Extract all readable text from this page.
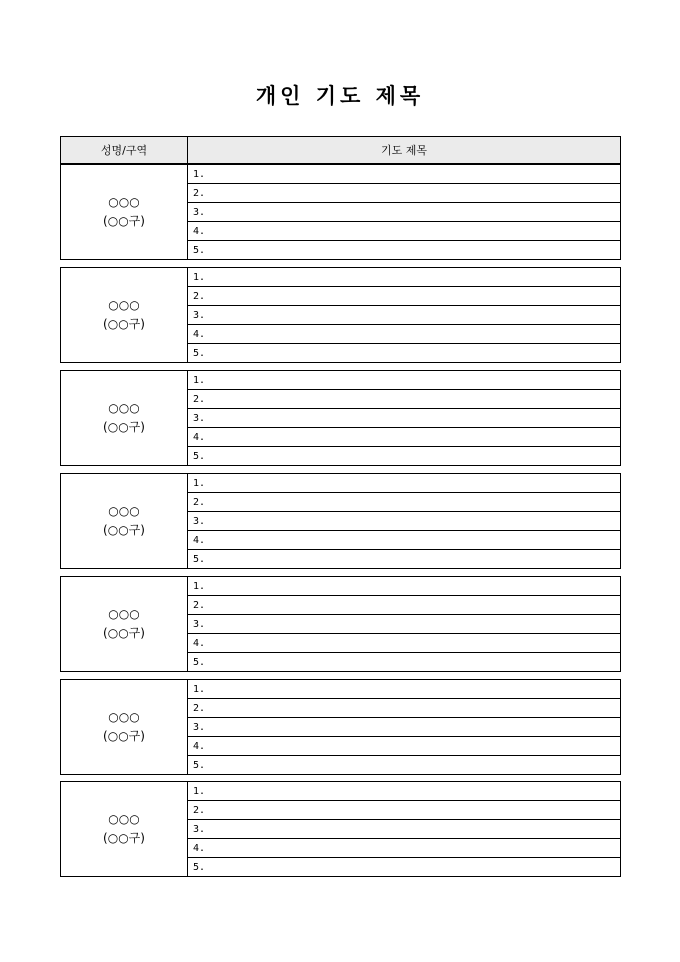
개인 기도 제목
성명/구역	기도 제목
○○○
(○○구)
1.
2.
3.
4.
5.
○○○
(○○구)
1.
2.
3.
4.
5.
○○○
(○○구)
1.
2.
3.
4.
5.
○○○
(○○구)
1.
2.
3.
4.
5.
○○○
(○○구)
1.
2.
3.
4.
5.
○○○
(○○구)
1.
2.
3.
4.
5.
○○○
(○○구)
1.
2.
3.
4.
5.
